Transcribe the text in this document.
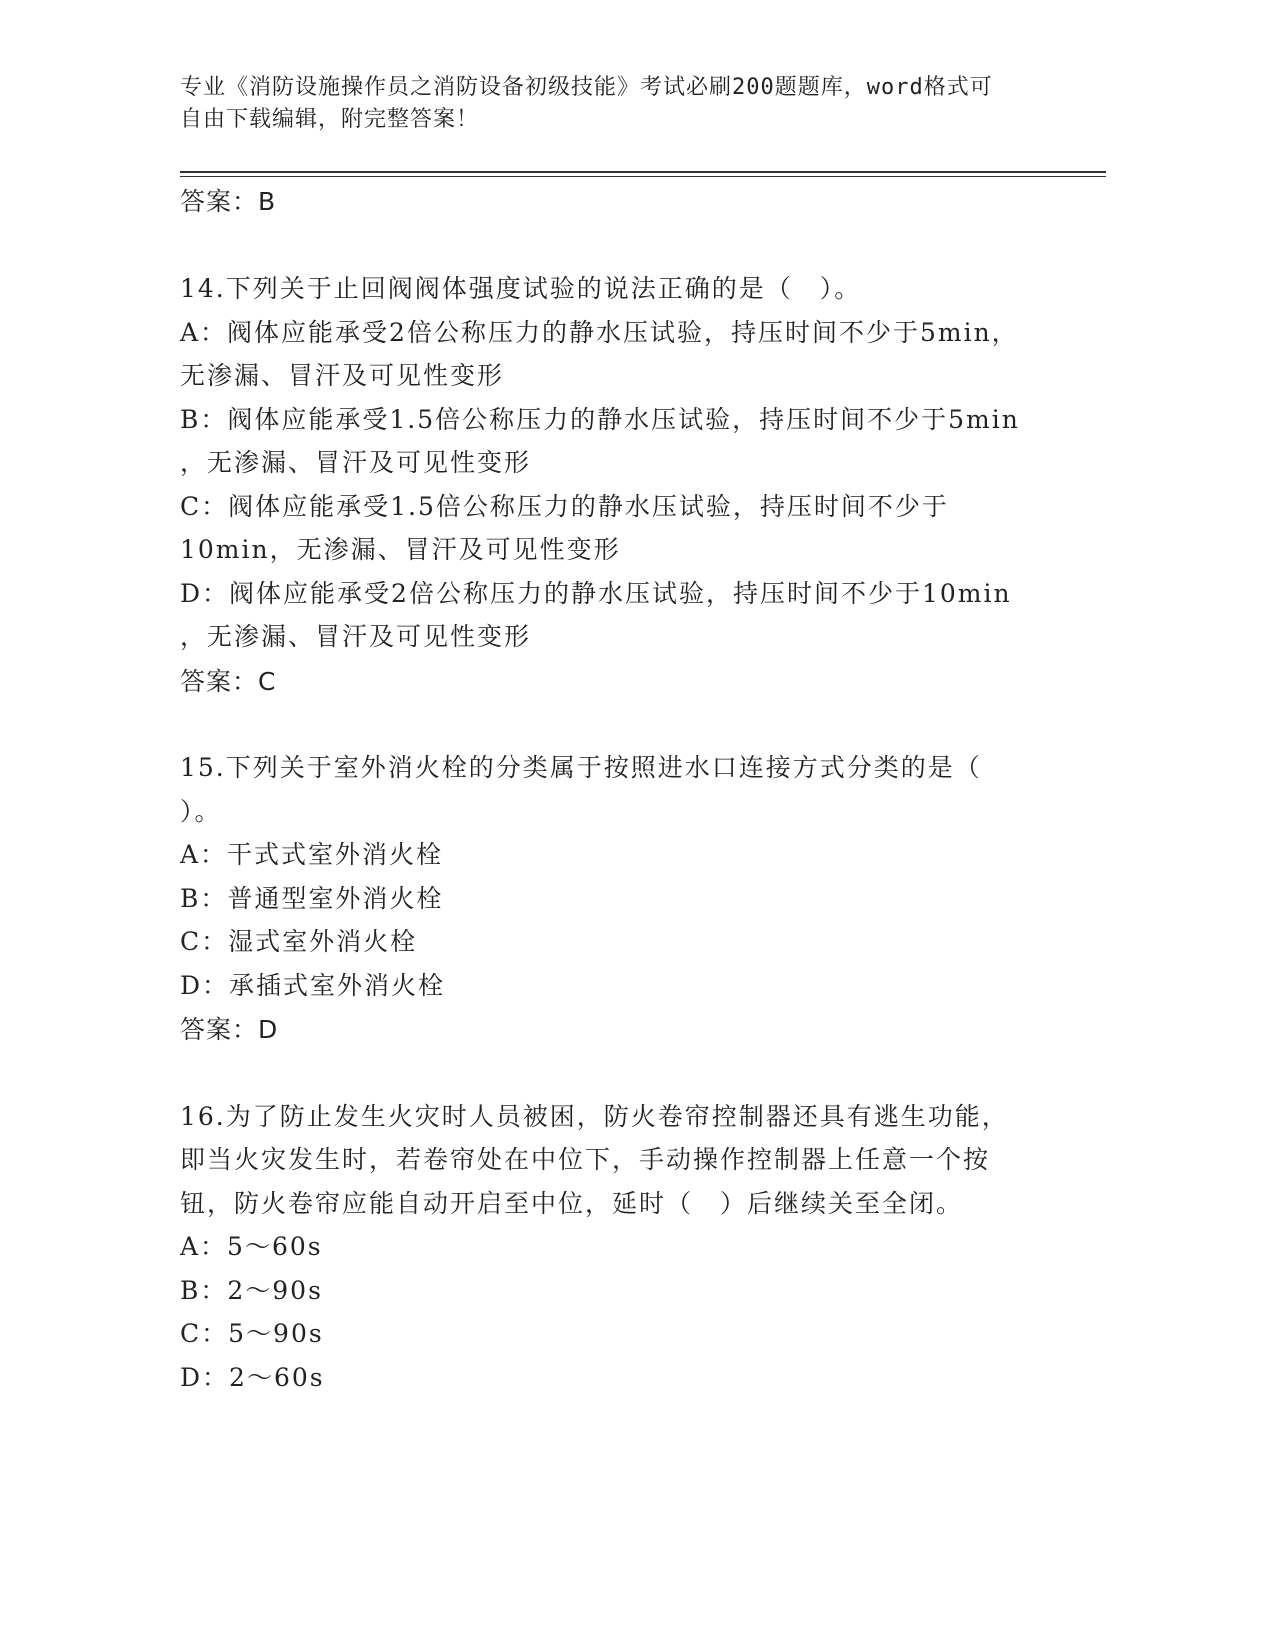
专业《消防设施操作员之消防设备初级技能》考试必刷200题题库，word格式可
自由下载编辑，附完整答案！
答案：B
14.下列关于止回阀阀体强度试验的说法正确的是（　）。
A：阀体应能承受2倍公称压力的静水压试验，持压时间不少于5min，
无渗漏、冒汗及可见性变形
B：阀体应能承受1.5倍公称压力的静水压试验，持压时间不少于5min
，无渗漏、冒汗及可见性变形
C：阀体应能承受1.5倍公称压力的静水压试验，持压时间不少于
10min，无渗漏、冒汗及可见性变形
D：阀体应能承受2倍公称压力的静水压试验，持压时间不少于10min
，无渗漏、冒汗及可见性变形
答案：C
15.下列关于室外消火栓的分类属于按照进水口连接方式分类的是（
）。
A：干式式室外消火栓
B：普通型室外消火栓
C：湿式室外消火栓
D：承插式室外消火栓
答案：D
16.为了防止发生火灾时人员被困，防火卷帘控制器还具有逃生功能，
即当火灾发生时，若卷帘处在中位下，手动操作控制器上任意一个按
钮，防火卷帘应能自动开启至中位，延时（　）后继续关至全闭。
A：5～60s
B：2～90s
C：5～90s
D：2～60s
